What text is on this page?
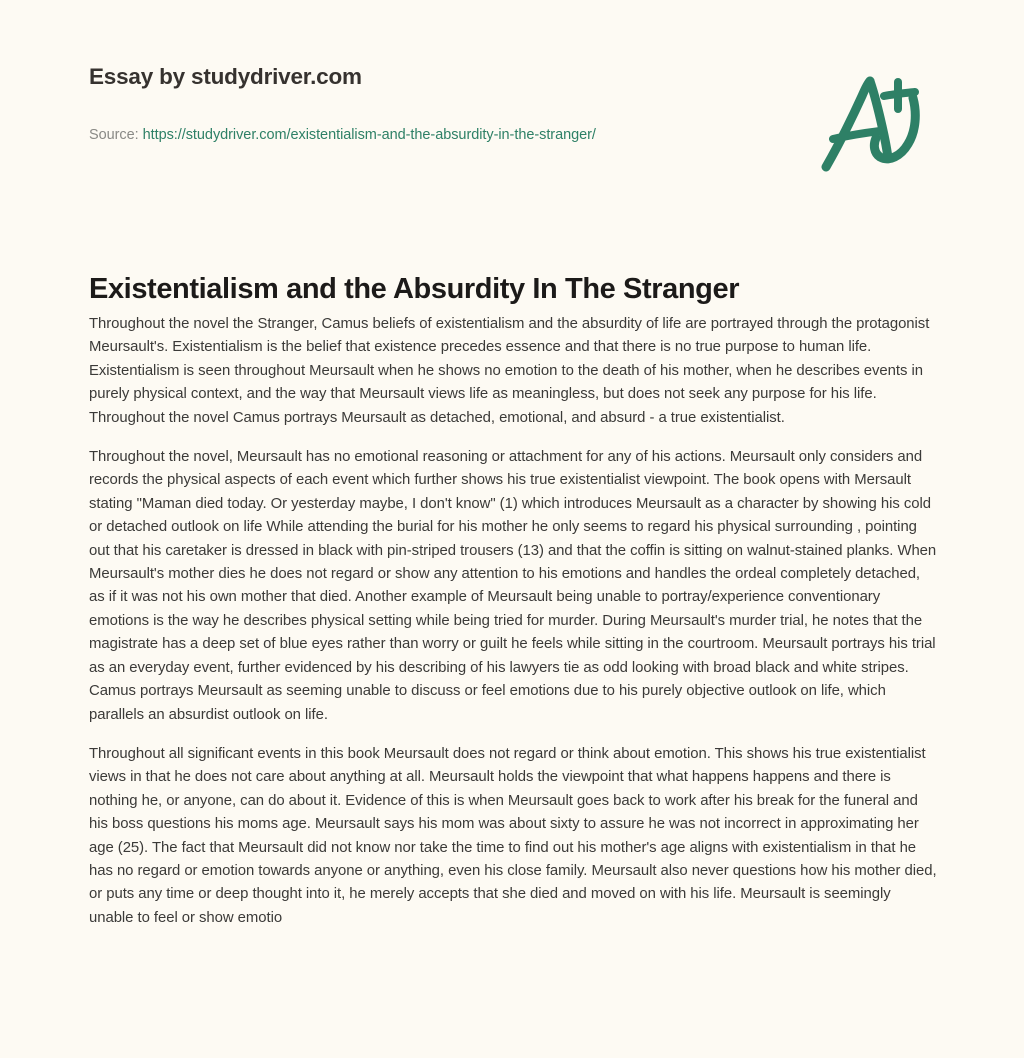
Essay by studydriver.com
Source: https://studydriver.com/existentialism-and-the-absurdity-in-the-stranger/
Existentialism and the Absurdity In The Stranger

Throughout the novel the Stranger, Camus beliefs of existentialism and the absurdity of life are portrayed through the protagonist Meursault's. Existentialism is the belief that existence precedes essence and that there is no true purpose to human life. Existentialism is seen throughout Meursault when he shows no emotion to the death of his mother, when he describes events in purely physical context, and the way that Meursault views life as meaningless, but does not seek any purpose for his life. Throughout the novel Camus portrays Meursault as detached, emotional, and absurd - a true existentialist.

Throughout the novel, Meursault has no emotional reasoning or attachment for any of his actions. Meursault only considers and records the physical aspects of each event which further shows his true existentialist viewpoint. The book opens with Mersault stating "Maman died today. Or yesterday maybe, I don't know" (1) which introduces Meursault as a character by showing his cold or detached outlook on life While attending the burial for his mother he only seems to regard his physical surrounding , pointing out that his caretaker is dressed in black with pin-striped trousers (13) and that the coffin is sitting on walnut-stained planks. When Meursault's mother dies he does not regard or show any attention to his emotions and handles the ordeal completely detached, as if it was not his own mother that died. Another example of Meursault being unable to portray/experience conventionary emotions is the way he describes physical setting while being tried for murder. During Meursault's murder trial, he notes that the magistrate has a deep set of blue eyes rather than worry or guilt he feels while sitting in the courtroom. Meursault portrays his trial as an everyday event, further evidenced by his describing of his lawyers tie as odd looking with broad black and white stripes. Camus portrays Meursault as seeming unable to discuss or feel emotions due to his purely objective outlook on life, which parallels an absurdist outlook on life.

Throughout all significant events in this book Meursault does not regard or think about emotion. This shows his true existentialist views in that he does not care about anything at all. Meursault holds the viewpoint that what happens happens and there is nothing he, or anyone, can do about it. Evidence of this is when Meursault goes back to work after his break for the funeral and his boss questions his moms age. Meursault says his mom was about sixty to assure he was not incorrect in approximating her age (25). The fact that Meursault did not know nor take the time to find out his mother's age aligns with existentialism in that he has no regard or emotion towards anyone or anything, even his close family. Meursault also never questions how his mother died, or puts any time or deep thought into it, he merely accepts that she died and moved on with his life. Meursault is seemingly unable to feel or show emotio
